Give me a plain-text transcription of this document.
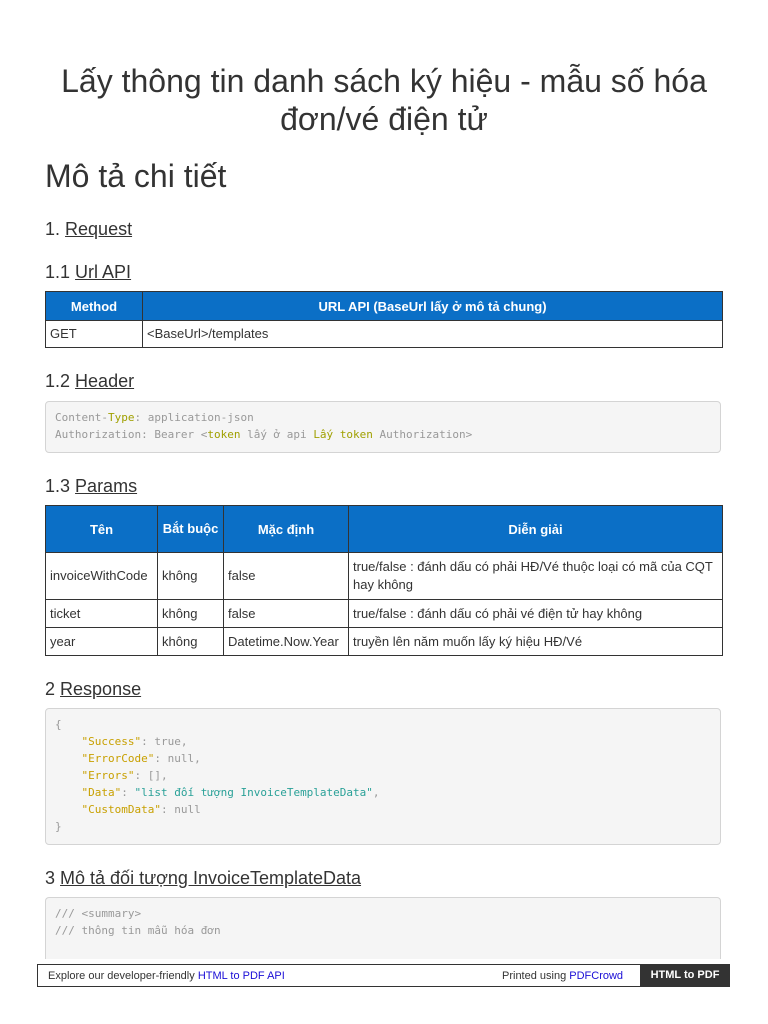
Lấy thông tin danh sách ký hiệu - mẫu số hóa đơn/vé điện tử
Mô tả chi tiết

1. Request

1.1 Url API

Method	URL API (BaseUrl lấy ở mô tả chung)
GET	<BaseUrl>/templates

1.2 Header

Content-Type: application-json
Authorization: Bearer <token lấy ở api Lấy token Authorization>

1.3 Params

Tên	Bắt buộc	Mặc định	Diễn giải
invoiceWithCode	không	false	true/false : đánh dấu có phải HĐ/Vé thuộc loại có mã của CQT hay không
ticket	không	false	true/false : đánh dấu có phải vé điện tử hay không
year	không	Datetime.Now.Year	truyền lên năm muốn lấy ký hiệu HĐ/Vé

2 Response

{
"Success": true,
"ErrorCode": null,
"Errors": [],
"Data": "list đối tượng InvoiceTemplateData",
"CustomData": null
}

3 Mô tả đối tượng InvoiceTemplateData

/// <summary>
/// thông tin mẫu hóa đơn
Explore our developer-friendly HTML to PDF API	Printed using PDFCrowd	HTML to PDF
